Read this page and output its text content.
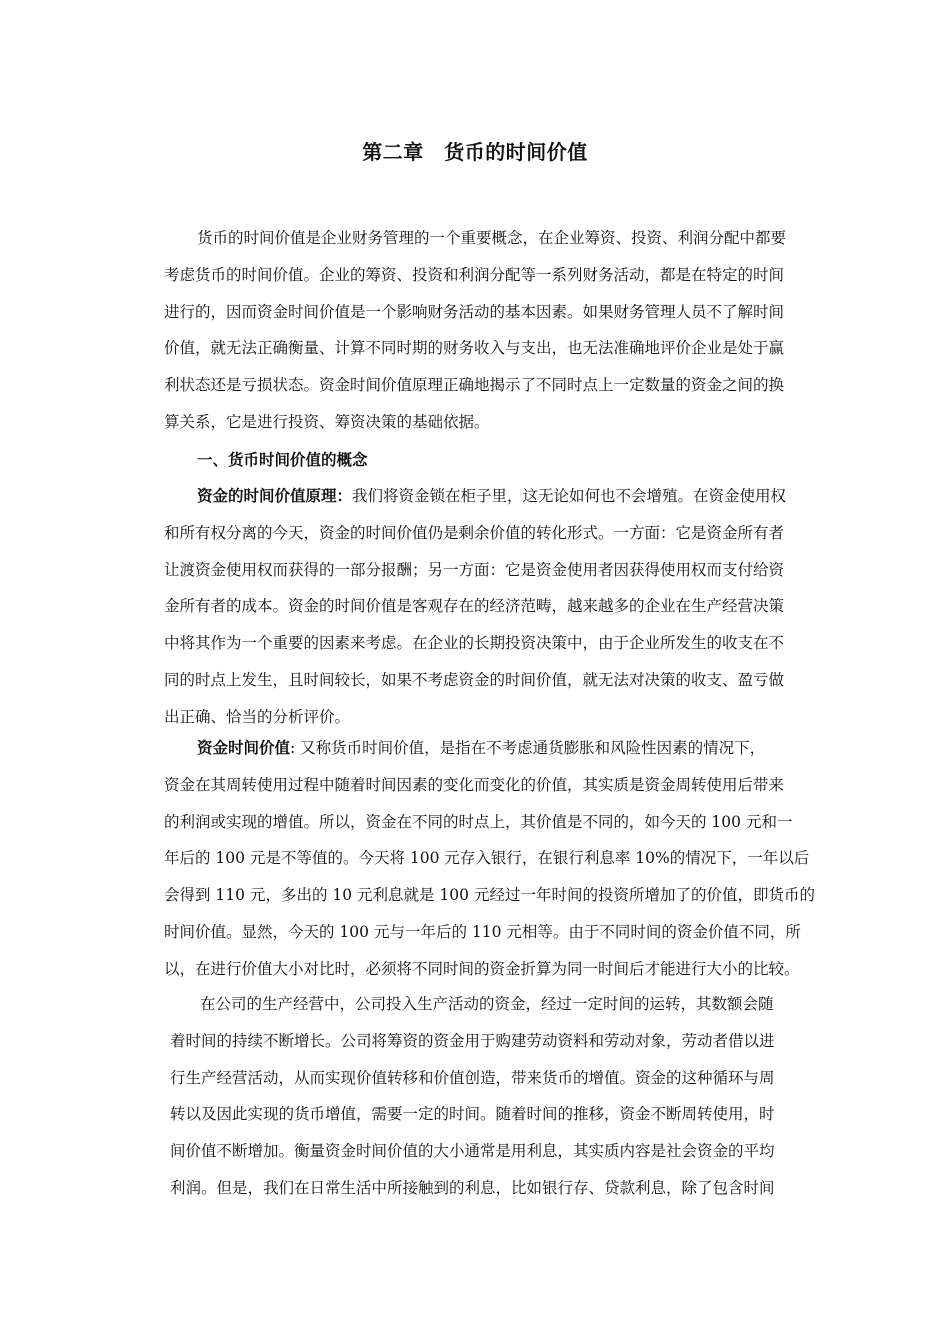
第二章　货币的时间价值
货币的时间价值是企业财务管理的一个重要概念，在企业筹资、投资、利润分配中都要
考虑货币的时间价值。企业的筹资、投资和利润分配等一系列财务活动，都是在特定的时间
进行的，因而资金时间价值是一个影响财务活动的基本因素。如果财务管理人员不了解时间
价值，就无法正确衡量、计算不同时期的财务收入与支出，也无法准确地评价企业是处于赢
利状态还是亏损状态。资金时间价值原理正确地揭示了不同时点上一定数量的资金之间的换
算关系，它是进行投资、筹资决策的基础依据。
一、货币时间价值的概念
资金的时间价值原理：我们将资金锁在柜子里，这无论如何也不会增殖。在资金使用权
和所有权分离的今天，资金的时间价值仍是剩余价值的转化形式。一方面：它是资金所有者
让渡资金使用权而获得的一部分报酬；另一方面：它是资金使用者因获得使用权而支付给资
金所有者的成本。资金的时间价值是客观存在的经济范畴，越来越多的企业在生产经营决策
中将其作为一个重要的因素来考虑。在企业的长期投资决策中，由于企业所发生的收支在不
同的时点上发生，且时间较长，如果不考虑资金的时间价值，就无法对决策的收支、盈亏做
出正确、恰当的分析评价。
资金时间价值: 又称货币时间价值，是指在不考虑通货膨胀和风险性因素的情况下，
资金在其周转使用过程中随着时间因素的变化而变化的价值，其实质是资金周转使用后带来
的利润或实现的增值。所以，资金在不同的时点上，其价值是不同的，如今天的 100 元和一
年后的 100 元是不等值的。今天将 100 元存入银行，在银行利息率 10%的情况下，一年以后
会得到 110 元，多出的 10 元利息就是 100 元经过一年时间的投资所增加了的价值，即货币的
时间价值。显然，今天的 100 元与一年后的 110 元相等。由于不同时间的资金价值不同，所
以，在进行价值大小对比时，必须将不同时间的资金折算为同一时间后才能进行大小的比较。
在公司的生产经营中，公司投入生产活动的资金，经过一定时间的运转，其数额会随
着时间的持续不断增长。公司将筹资的资金用于购建劳动资料和劳动对象，劳动者借以进
行生产经营活动，从而实现价值转移和价值创造，带来货币的增值。资金的这种循环与周
转以及因此实现的货币增值，需要一定的时间。随着时间的推移，资金不断周转使用，时
间价值不断增加。衡量资金时间价值的大小通常是用利息，其实质内容是社会资金的平均
利润。但是，我们在日常生活中所接触到的利息，比如银行存、贷款利息，除了包含时间
